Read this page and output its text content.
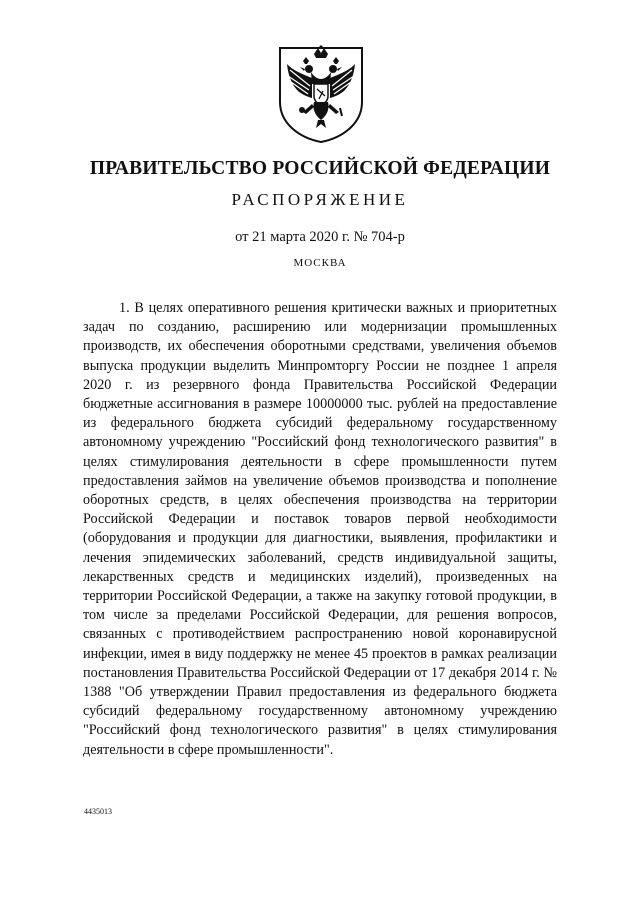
ПРАВИТЕЛЬСТВО РОССИЙСКОЙ ФЕДЕРАЦИИ
РАСПОРЯЖЕНИЕ
от 21 марта 2020 г. № 704-р
МОСКВА

1. В целях оперативного решения критически важных и приоритетных задач по созданию, расширению или модернизации промышленных производств, их обеспечения оборотными средствами, увеличения объемов выпуска продукции выделить Минпромторгу России не позднее 1 апреля 2020 г. из резервного фонда Правительства Российской Федерации бюджетные ассигнования в размере 10000000 тыс. рублей на предоставление из федерального бюджета субсидий федеральному государственному автономному учреждению "Российский фонд технологического развития" в целях стимулирования деятельности в сфере промышленности путем предоставления займов на увеличение объемов производства и пополнение оборотных средств, в целях обеспечения производства на территории Российской Федерации и поставок товаров первой необходимости (оборудования и продукции для диагностики, выявления, профилактики и лечения эпидемических заболеваний, средств индивидуальной защиты, лекарственных средств и медицинских изделий), произведенных на территории Российской Федерации, а также на закупку готовой продукции, в том числе за пределами Российской Федерации, для решения вопросов, связанных с противодействием распространению новой коронавирусной инфекции, имея в виду поддержку не менее 45 проектов в рамках реализации постановления Правительства Российской Федерации от 17 декабря 2014 г. № 1388 "Об утверждении Правил предоставления из федерального бюджета субсидий федеральному государственному автономному учреждению "Российский фонд технологического развития" в целях стимулирования деятельности в сфере промышленности".

4435013
